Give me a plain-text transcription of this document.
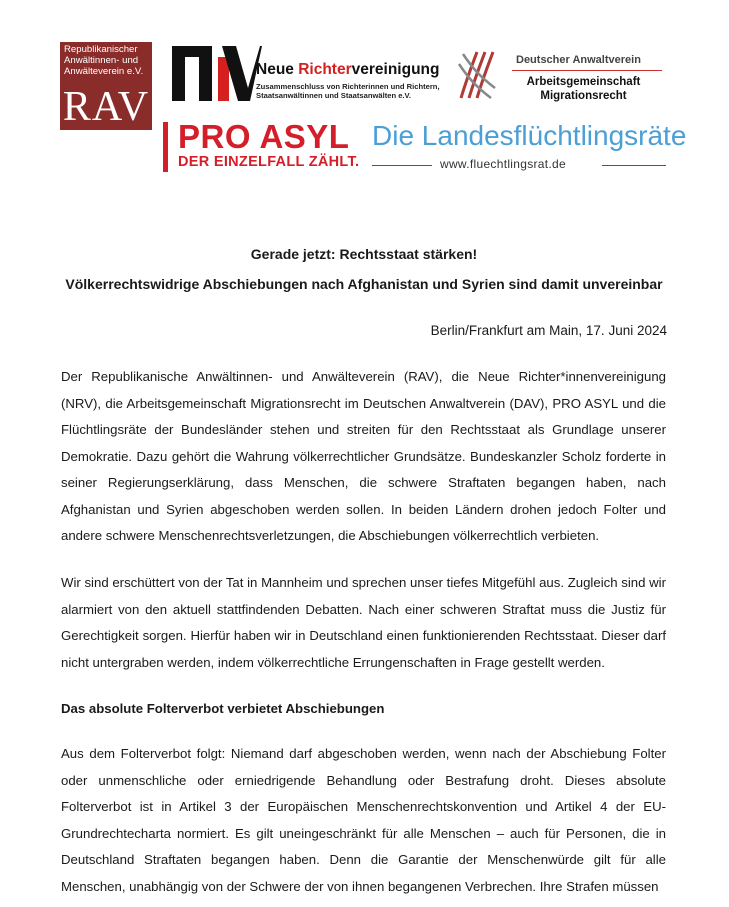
Republikanischer Anwältinnen- und Anwälteverein e.V.
RAV
Neue Richtervereinigung
Zusammenschluss von Richterinnen und Richtern, Staatsanwältinnen und Staatsanwälten e.V.
Deutscher Anwaltverein
Arbeitsgemeinschaft
Migrationsrecht
PRO ASYL
DER EINZELFALL ZÄHLT.
Die Landesflüchtlingsräte
www.fluechtlingsrat.de
Gerade jetzt: Rechtsstaat stärken!
Völkerrechtswidrige Abschiebungen nach Afghanistan und Syrien sind damit unvereinbar
Berlin/Frankfurt am Main, 17. Juni 2024

Der Republikanische Anwältinnen- und Anwälteverein (RAV), die Neue Richter*innenvereinigung (NRV), die Arbeitsgemeinschaft Migrationsrecht im Deutschen Anwaltverein (DAV), PRO ASYL und die Flüchtlingsräte der Bundesländer stehen und streiten für den Rechtsstaat als Grundlage unserer Demokratie. Dazu gehört die Wahrung völkerrechtlicher Grundsätze. Bundeskanzler Scholz forderte in seiner Regierungserklärung, dass Menschen, die schwere Straftaten begangen haben, nach Afghanistan und Syrien abgeschoben werden sollen. In beiden Ländern drohen jedoch Folter und andere schwere Menschenrechtsverletzungen, die Abschiebungen völkerrechtlich verbieten.

Wir sind erschüttert von der Tat in Mannheim und sprechen unser tiefes Mitgefühl aus. Zugleich sind wir alarmiert von den aktuell stattfindenden Debatten. Nach einer schweren Straftat muss die Justiz für Gerechtigkeit sorgen. Hierfür haben wir in Deutschland einen funktionierenden Rechtsstaat. Dieser darf nicht untergraben werden, indem völkerrechtliche Errungenschaften in Frage gestellt werden.

Das absolute Folterverbot verbietet Abschiebungen

Aus dem Folterverbot folgt: Niemand darf abgeschoben werden, wenn nach der Abschiebung Folter oder unmenschliche oder erniedrigende Behandlung oder Bestrafung droht. Dieses absolute Folterverbot ist in Artikel 3 der Europäischen Menschenrechtskonvention und Artikel 4 der EU-Grundrechtecharta normiert. Es gilt uneingeschränkt für alle Menschen – auch für Personen, die in Deutschland Straftaten begangen haben. Denn die Garantie der Menschenwürde gilt für alle Menschen, unabhängig von der Schwere der von ihnen begangenen Verbrechen. Ihre Strafen müssen
